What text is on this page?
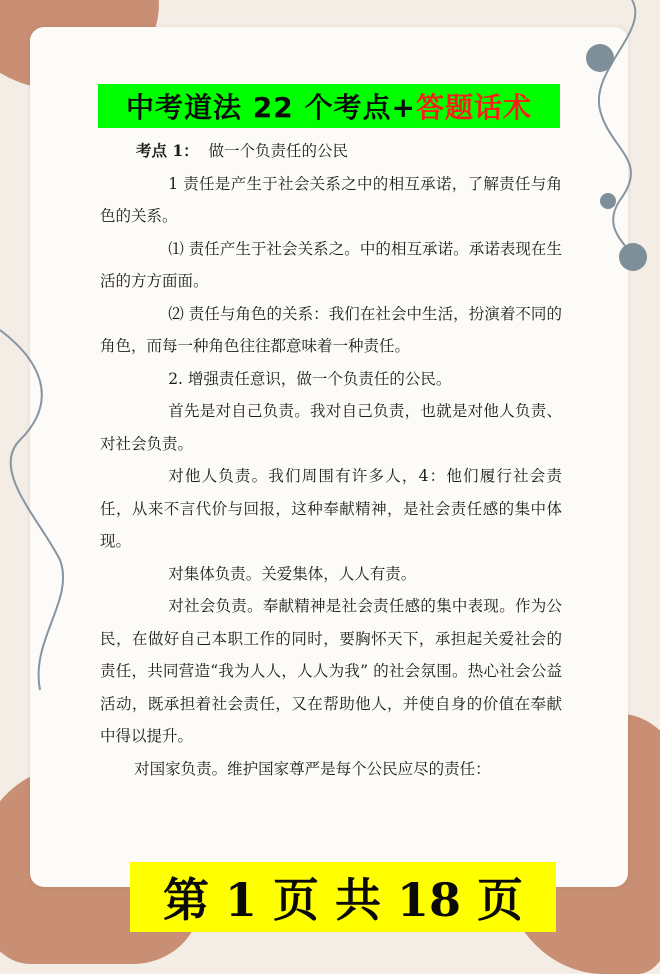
中考道法 22 个考点+ 答题话术

考点 1： 做一个负责任的公民

1 责任是产生于社会关系之中的相互承诺，了解责任与角色的关系。

⑴ 责任产生于社会关系之。中的相互承诺。承诺表现在生活的方方面面。

⑵ 责任与角色的关系：我们在社会中生活，扮演着不同的角色，而每一种角色往往都意味着一种责任。

2. 增强责任意识，做一个负责任的公民。

首先是对自己负责。我对自己负责，也就是对他人负责、对社会负责。

对他人负责。我们周围有许多人，4：他们履行社会责任，从来不言代价与回报，这种奉献精神，是社会责任感的集中体现。

对集体负责。关爱集体，人人有责。

对社会负责。奉献精神是社会责任感的集中表现。作为公民，在做好自己本职工作的同时，要胸怀天下，承担起关爱社会的责任，共同营造“我为人人，人人为我” 的社会氛围。热心社会公益活动，既承担着社会责任，又在帮助他人，并使自身的价值在奉献中得以提升。

对国家负责。维护国家尊严是每个公民应尽的责任：

第 1 页 共 18 页
